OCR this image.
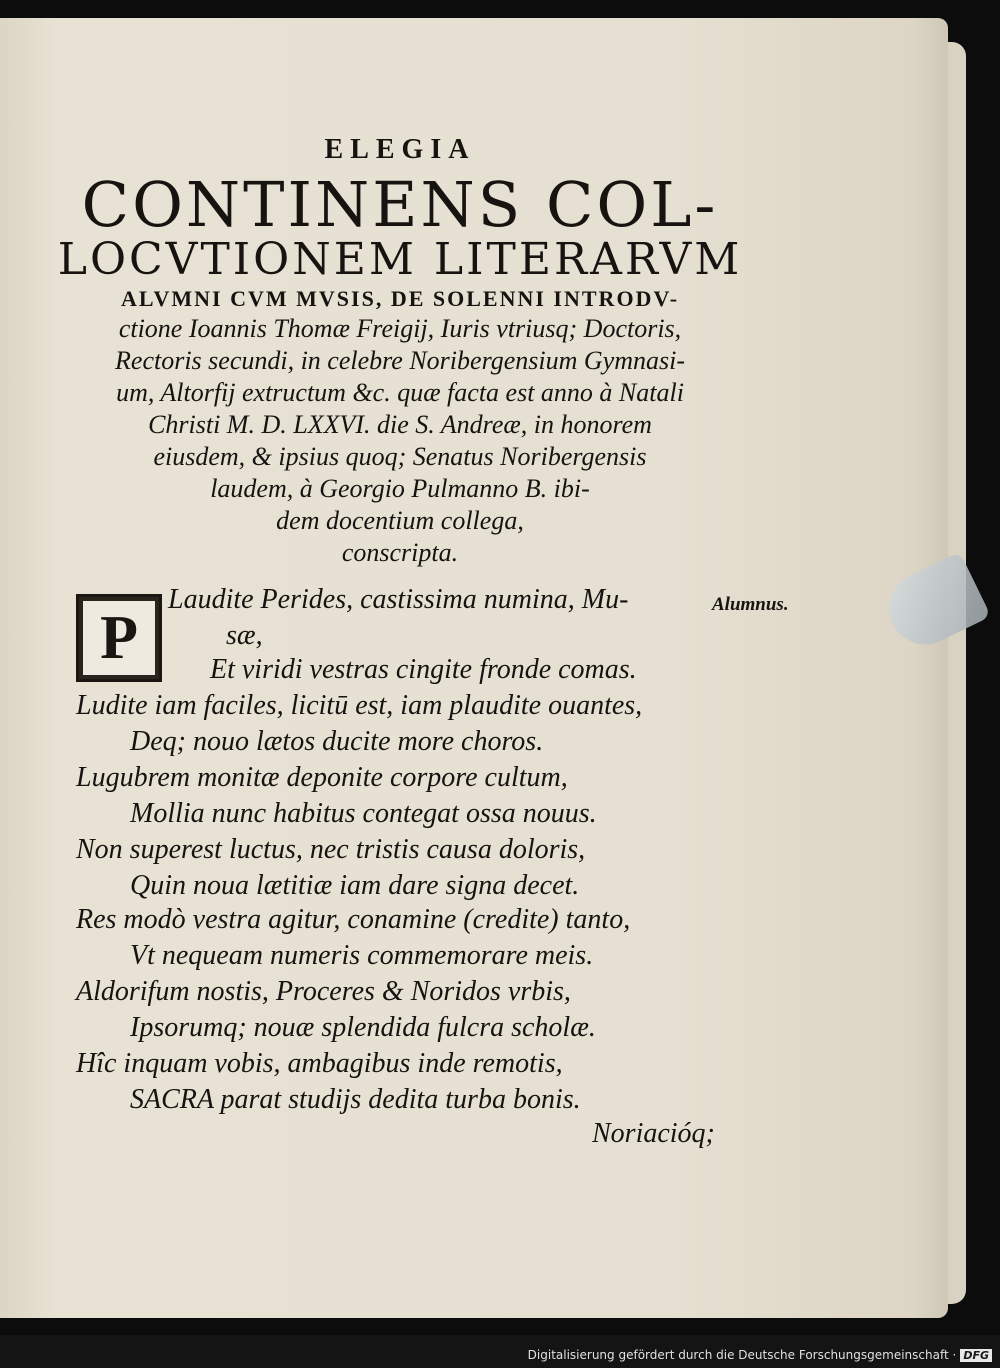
ELEGIA
CONTINENS COL-
LOCVTIONEM LITERARVM
ALVMNI CVM MVSIS, DE SOLENNI INTRODV-
ctione Ioannis Thomæ Freigij, Iuris vtriusq; Doctoris,
Rectoris secundi, in celebre Noribergensium Gymnasi-
um, Altorfij extructum &c. quæ facta est anno à Natali
Christi M. D. LXXVI. die S. Andreæ, in honorem
eiusdem, & ipsius quoq; Senatus Noribergensis
laudem, à Georgio Pulmanno B. ibi-
dem docentium collega,
conscripta.
P	Alumnus.
Laudite Perides, castissima numina, Mu-
sæ,
Et viridi vestras cingite fronde comas.
Ludite iam faciles, licitū est, iam plaudite ouantes,
Deq; nouo lætos ducite more choros.
Lugubrem monitæ deponite corpore cultum,
Mollia nunc habitus contegat ossa nouus.
Non superest luctus, nec tristis causa doloris,
Quin noua lætitiæ iam dare signa decet.
Res modò vestra agitur, conamine (credite) tanto,
Vt nequeam numeris commemorare meis.
Aldorifum nostis, Proceres & Noridos vrbis,
Ipsorumq; nouæ splendida fulcra scholæ.
Hîc inquam vobis, ambagibus inde remotis,
SACRA parat studijs dedita turba bonis.
Noriacióq;
Digitalisierung gefördert durch die Deutsche Forschungsgemeinschaft · DFG
